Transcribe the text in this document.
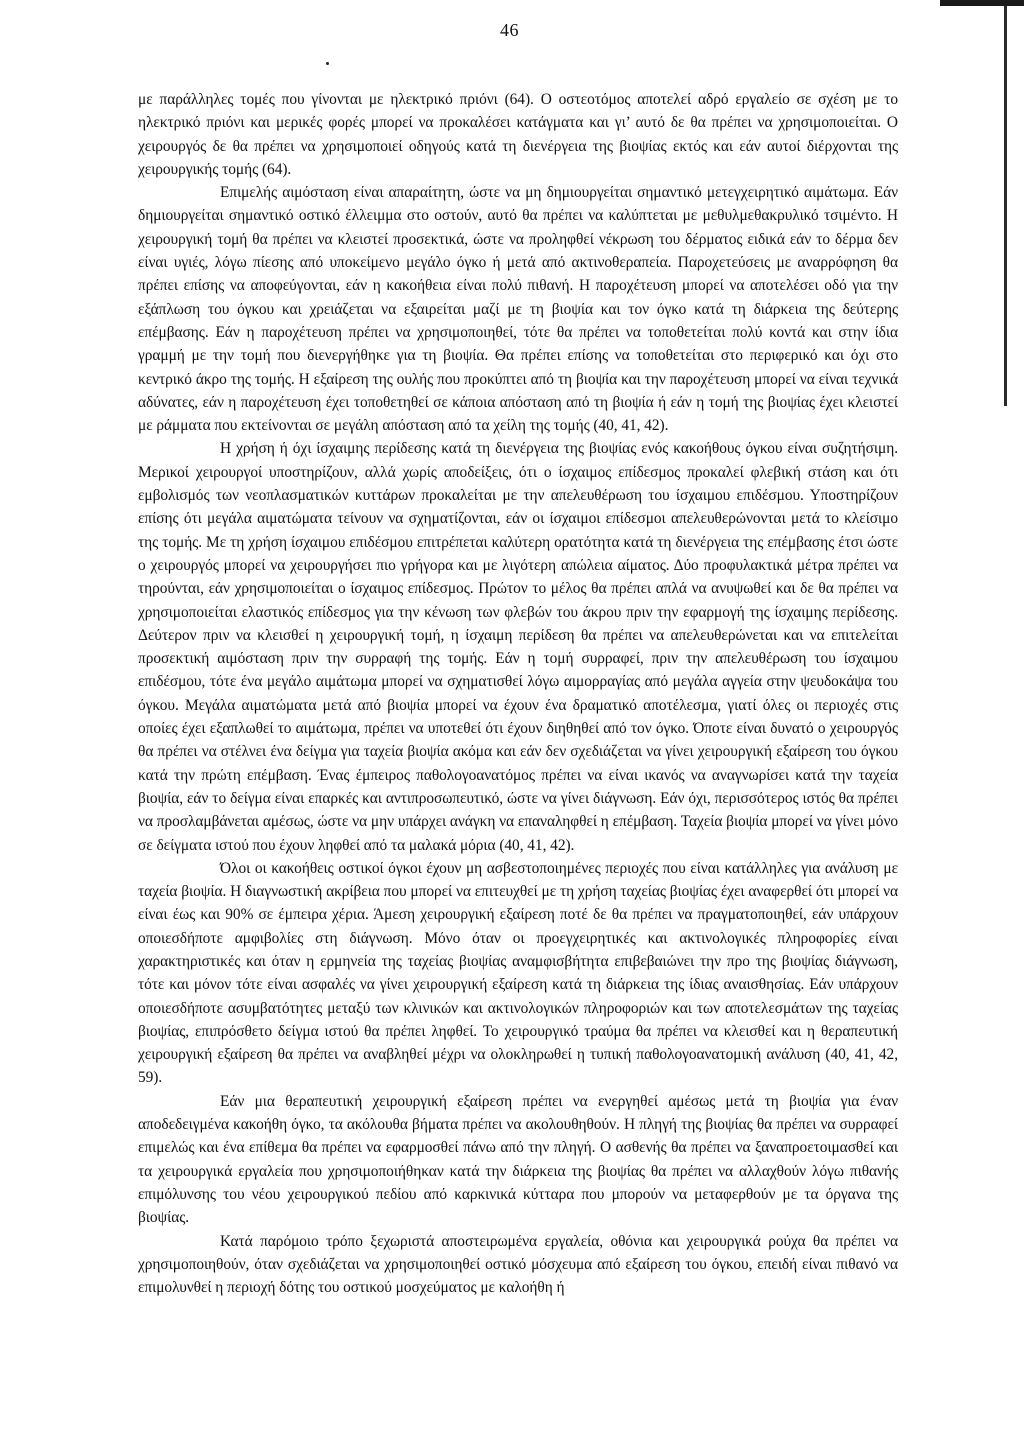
46

με παράλληλες τομές που γίνονται με ηλεκτρικό πριόνι (64). Ο οστεοτόμος αποτελεί αδρό εργαλείο σε σχέση με το ηλεκτρικό πριόνι και μερικές φορές μπορεί να προκαλέσει κατάγματα και γι’ αυτό δε θα πρέπει να χρησιμοποιείται. Ο χειρουργός δε θα πρέπει να χρησιμοποιεί οδηγούς κατά τη διενέργεια της βιοψίας εκτός και εάν αυτοί διέρχονται της χειρουργικής τομής (64).

Επιμελής αιμόσταση είναι απαραίτητη, ώστε να μη δημιουργείται σημαντικό μετεγχειρητικό αιμάτωμα. Εάν δημιουργείται σημαντικό οστικό έλλειμμα στο οστούν, αυτό θα πρέπει να καλύπτεται με μεθυλμεθακρυλικό τσιμέντο. Η χειρουργική τομή θα πρέπει να κλειστεί προσεκτικά, ώστε να προληφθεί νέκρωση του δέρματος ειδικά εάν το δέρμα δεν είναι υγιές, λόγω πίεσης από υποκείμενο μεγάλο όγκο ή μετά από ακτινοθεραπεία. Παροχετεύσεις με αναρρόφηση θα πρέπει επίσης να αποφεύγονται, εάν η κακοήθεια είναι πολύ πιθανή. Η παροχέτευση μπορεί να αποτελέσει οδό για την εξάπλωση του όγκου και χρειάζεται να εξαιρείται μαζί με τη βιοψία και τον όγκο κατά τη διάρκεια της δεύτερης επέμβασης. Εάν η παροχέτευση πρέπει να χρησιμοποιηθεί, τότε θα πρέπει να τοποθετείται πολύ κοντά και στην ίδια γραμμή με την τομή που διενεργήθηκε για τη βιοψία. Θα πρέπει επίσης να τοποθετείται στο περιφερικό και όχι στο κεντρικό άκρο της τομής. Η εξαίρεση της ουλής που προκύπτει από τη βιοψία και την παροχέτευση μπορεί να είναι τεχνικά αδύνατες, εάν η παροχέτευση έχει τοποθετηθεί σε κάποια απόσταση από τη βιοψία ή εάν η τομή της βιοψίας έχει κλειστεί με ράμματα που εκτείνονται σε μεγάλη απόσταση από τα χείλη της τομής (40, 41, 42).

Η χρήση ή όχι ίσχαιμης περίδεσης κατά τη διενέργεια της βιοψίας ενός κακοήθους όγκου είναι συζητήσιμη. Μερικοί χειρουργοί υποστηρίζουν, αλλά χωρίς αποδείξεις, ότι ο ίσχαιμος επίδεσμος προκαλεί φλεβική στάση και ότι εμβολισμός των νεοπλασματικών κυττάρων προκαλείται με την απελευθέρωση του ίσχαιμου επιδέσμου. Υποστηρίζουν επίσης ότι μεγάλα αιματώματα τείνουν να σχηματίζονται, εάν οι ίσχαιμοι επίδεσμοι απελευθερώνονται μετά το κλείσιμο της τομής. Με τη χρήση ίσχαιμου επιδέσμου επιτρέπεται καλύτερη ορατότητα κατά τη διενέργεια της επέμβασης έτσι ώστε ο χειρουργός μπορεί να χειρουργήσει πιο γρήγορα και με λιγότερη απώλεια αίματος. Δύο προφυλακτικά μέτρα πρέπει να τηρούνται, εάν χρησιμοποιείται ο ίσχαιμος επίδεσμος. Πρώτον το μέλος θα πρέπει απλά να ανυψωθεί και δε θα πρέπει να χρησιμοποιείται ελαστικός επίδεσμος για την κένωση των φλεβών του άκρου πριν την εφαρμογή της ίσχαιμης περίδεσης. Δεύτερον πριν να κλεισθεί η χειρουργική τομή, η ίσχαιμη περίδεση θα πρέπει να απελευθερώνεται και να επιτελείται προσεκτική αιμόσταση πριν την συρραφή της τομής. Εάν η τομή συρραφεί, πριν την απελευθέρωση του ίσχαιμου επιδέσμου, τότε ένα μεγάλο αιμάτωμα μπορεί να σχηματισθεί λόγω αιμορραγίας από μεγάλα αγγεία στην ψευδοκάψα του όγκου. Μεγάλα αιματώματα μετά από βιοψία μπορεί να έχουν ένα δραματικό αποτέλεσμα, γιατί όλες οι περιοχές στις οποίες έχει εξαπλωθεί το αιμάτωμα, πρέπει να υποτεθεί ότι έχουν διηθηθεί από τον όγκο. Όποτε είναι δυνατό ο χειρουργός θα πρέπει να στέλνει ένα δείγμα για ταχεία βιοψία ακόμα και εάν δεν σχεδιάζεται να γίνει χειρουργική εξαίρεση του όγκου κατά την πρώτη επέμβαση. Ένας έμπειρος παθολογοανατόμος πρέπει να είναι ικανός να αναγνωρίσει κατά την ταχεία βιοψία, εάν το δείγμα είναι επαρκές και αντιπροσωπευτικό, ώστε να γίνει διάγνωση. Εάν όχι, περισσότερος ιστός θα πρέπει να προσλαμβάνεται αμέσως, ώστε να μην υπάρχει ανάγκη να επαναληφθεί η επέμβαση. Ταχεία βιοψία μπορεί να γίνει μόνο σε δείγματα ιστού που έχουν ληφθεί από τα μαλακά μόρια (40, 41, 42).

Όλοι οι κακοήθεις οστικοί όγκοι έχουν μη ασβεστοποιημένες περιοχές που είναι κατάλληλες για ανάλυση με ταχεία βιοψία. Η διαγνωστική ακρίβεια που μπορεί να επιτευχθεί με τη χρήση ταχείας βιοψίας έχει αναφερθεί ότι μπορεί να είναι έως και 90% σε έμπειρα χέρια. Άμεση χειρουργική εξαίρεση ποτέ δε θα πρέπει να πραγματοποιηθεί, εάν υπάρχουν οποιεσδήποτε αμφιβολίες στη διάγνωση. Μόνο όταν οι προεγχειρητικές και ακτινολογικές πληροφορίες είναι χαρακτηριστικές και όταν η ερμηνεία της ταχείας βιοψίας αναμφισβήτητα επιβεβαιώνει την προ της βιοψίας διάγνωση, τότε και μόνον τότε είναι ασφαλές να γίνει χειρουργική εξαίρεση κατά τη διάρκεια της ίδιας αναισθησίας. Εάν υπάρχουν οποιεσδήποτε ασυμβατότητες μεταξύ των κλινικών και ακτινολογικών πληροφοριών και των αποτελεσμάτων της ταχείας βιοψίας, επιπρόσθετο δείγμα ιστού θα πρέπει ληφθεί. Το χειρουργικό τραύμα θα πρέπει να κλεισθεί και η θεραπευτική χειρουργική εξαίρεση θα πρέπει να αναβληθεί μέχρι να ολοκληρωθεί η τυπική παθολογοανατομική ανάλυση (40, 41, 42, 59).

Εάν μια θεραπευτική χειρουργική εξαίρεση πρέπει να ενεργηθεί αμέσως μετά τη βιοψία για έναν αποδεδειγμένα κακοήθη όγκο, τα ακόλουθα βήματα πρέπει να ακολουθηθούν. Η πληγή της βιοψίας θα πρέπει να συρραφεί επιμελώς και ένα επίθεμα θα πρέπει να εφαρμοσθεί πάνω από την πληγή. Ο ασθενής θα πρέπει να ξαναπροετοιμασθεί και τα χειρουργικά εργαλεία που χρησιμοποιήθηκαν κατά την διάρκεια της βιοψίας θα πρέπει να αλλαχθούν λόγω πιθανής επιμόλυνσης του νέου χειρουργικού πεδίου από καρκινικά κύτταρα που μπορούν να μεταφερθούν με τα όργανα της βιοψίας.

Κατά παρόμοιο τρόπο ξεχωριστά αποστειρωμένα εργαλεία, οθόνια και χειρουργικά ρούχα θα πρέπει να χρησιμοποιηθούν, όταν σχεδιάζεται να χρησιμοποιηθεί οστικό μόσχευμα από εξαίρεση του όγκου, επειδή είναι πιθανό να επιμολυνθεί η περιοχή δότης του οστικού μοσχεύματος με καλοήθη ή
